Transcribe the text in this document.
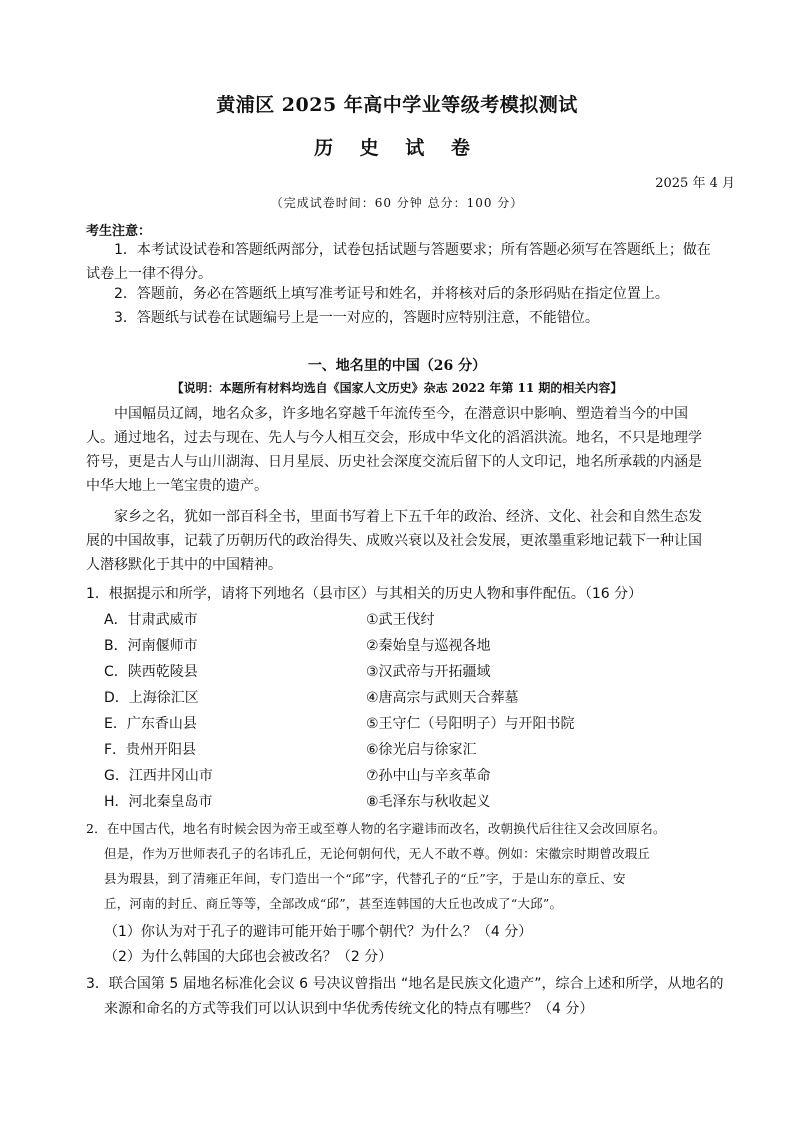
黄浦区 2025 年高中学业等级考模拟测试
历 史 试 卷
2025 年 4 月
（完成试卷时间：60 分钟 总分：100 分）
考生注意：
1．本考试设试卷和答题纸两部分，试卷包括试题与答题要求；所有答题必须写在答题纸上；做在试卷上一律不得分。
2．答题前，务必在答题纸上填写准考证号和姓名，并将核对后的条形码贴在指定位置上。
3．答题纸与试卷在试题编号上是一一对应的，答题时应特别注意，不能错位。
一、地名里的中国（26 分）
【说明：本题所有材料均选自《国家人文历史》杂志 2022 年第 11 期的相关内容】
中国幅员辽阔，地名众多，许多地名穿越千年流传至今，在潜意识中影响、塑造着当今的中国人。通过地名，过去与现在、先人与今人相互交会，形成中华文化的滔滔洪流。地名，不只是地理学符号，更是古人与山川湖海、日月星辰、历史社会深度交流后留下的人文印记，地名所承载的内涵是中华大地上一笔宝贵的遗产。
家乡之名，犹如一部百科全书，里面书写着上下五千年的政治、经济、文化、社会和自然生态发展的中国故事，记载了历朝历代的政治得失、成败兴衰以及社会发展，更浓墨重彩地记载下一种让国人潜移默化于其中的中国精神。
1．根据提示和所学，请将下列地名（县市区）与其相关的历史人物和事件配伍。（16 分）
A．甘肃武威市	①武王伐纣
B．河南偃师市	②秦始皇与巡视各地
C．陕西乾陵县	③汉武帝与开拓疆域
D．上海徐汇区	④唐高宗与武则天合葬墓
E．广东香山县	⑤王守仁（号阳明子）与开阳书院
F．贵州开阳县	⑥徐光启与徐家汇
G．江西井冈山市	⑦孙中山与辛亥革命
H．河北秦皇岛市	⑧毛泽东与秋收起义
2．在中国古代，地名有时候会因为帝王或至尊人物的名字避讳而改名，改朝换代后往往又会改回原名。
但是，作为万世师表孔子的名讳孔丘，无论何朝何代，无人不敢不尊。例如：宋徽宗时期曾改瑕丘
县为瑕县，到了清雍正年间，专门造出一个“邱”字，代替孔子的“丘”字，于是山东的章丘、安
丘，河南的封丘、商丘等等，全部改成“邱”，甚至连韩国的大丘也改成了“大邱”。
（1）你认为对于孔子的避讳可能开始于哪个朝代？为什么？（4 分）
（2）为什么韩国的大邱也会被改名？（2 分）
3．联合国第 5 届地名标准化会议 6 号决议曾指出 “地名是民族文化遗产”，综合上述和所学，从地名的
来源和命名的方式等我们可以认识到中华优秀传统文化的特点有哪些？（4 分）
